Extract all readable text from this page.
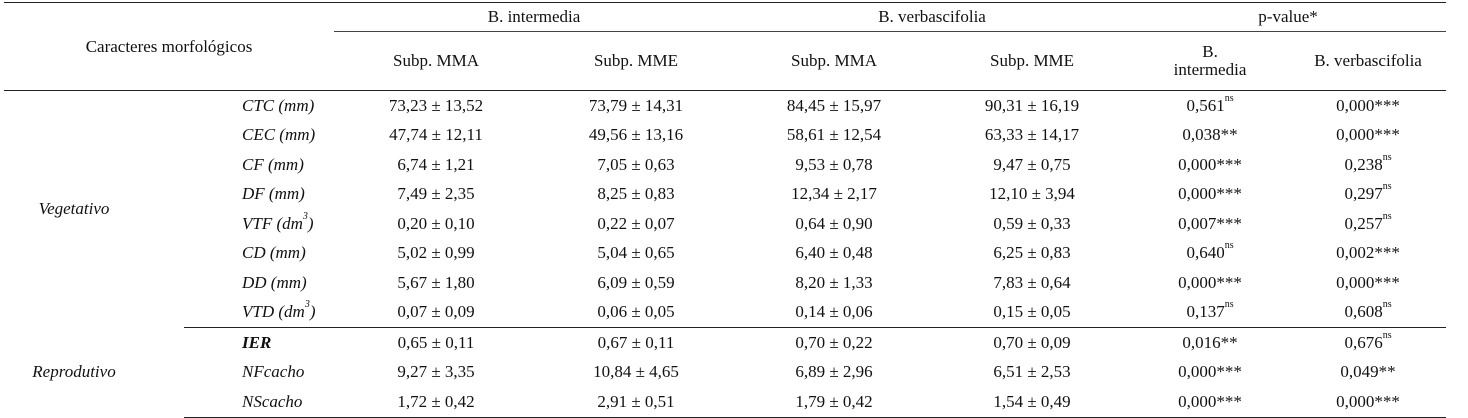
Caracteres morfológicos		B. intermedia		B. verbascifolia		p-value*	
		Subp. MMA	Subp. MME	Subp. MMA	Subp. MME	B.
intermedia	B. verbascifolia
Vegetativo	CTC (mm)	73,23 ± 13,52	73,79 ± 14,31	84,45 ± 15,97	90,31 ± 16,19	$0,561^{ns}$	0,000***
	CEC (mm)	47,74 ± 12,11	49,56 ± 13,16	58,61 ± 12,54	63,33 ± 14,17	0,038**	0,000***
	CF (mm)	6,74 ± 1,21	7,05 ± 0,63	9,53 ± 0,78	9,47 ± 0,75	0,000***	$0,238^{ns}$
	DF (mm)	7,49 ± 2,35	8,25 ± 0,83	12,34 ± 2,17	12,10 ± 3,94	0,000***	$0,297^{ns}$
	VTF $(dm^3)$	0,20 ± 0,10	0,22 ± 0,07	0,64 ± 0,90	0,59 ± 0,33	0,007***	$0,257^{ns}$
	CD (mm)	5,02 ± 0,99	5,04 ± 0,65	6,40 ± 0,48	6,25 ± 0,83	$0,640^{ns}$	0,002***
	DD (mm)	5,67 ± 1,80	6,09 ± 0,59	8,20 ± 1,33	7,83 ± 0,64	0,000***	0,000***
	VTD $(dm^3)$	0,07 ± 0,09	0,06 ± 0,05	0,14 ± 0,06	0,15 ± 0,05	$0,137^{ns}$	$0,608^{ns}$
Reprodutivo	IER	0,65 ± 0,11	0,67 ± 0,11	0,70 ± 0,22	0,70 ± 0,09	0,016**	$0,676^{ns}$
	NFcacho	9,27 ± 3,35	10,84 ± 4,65	6,89 ± 2,96	6,51 ± 2,53	0,000***	0,049**
	NScacho	1,72 ± 0,42	2,91 ± 0,51	1,79 ± 0,42	1,54 ± 0,49	0,000***	0,000***
